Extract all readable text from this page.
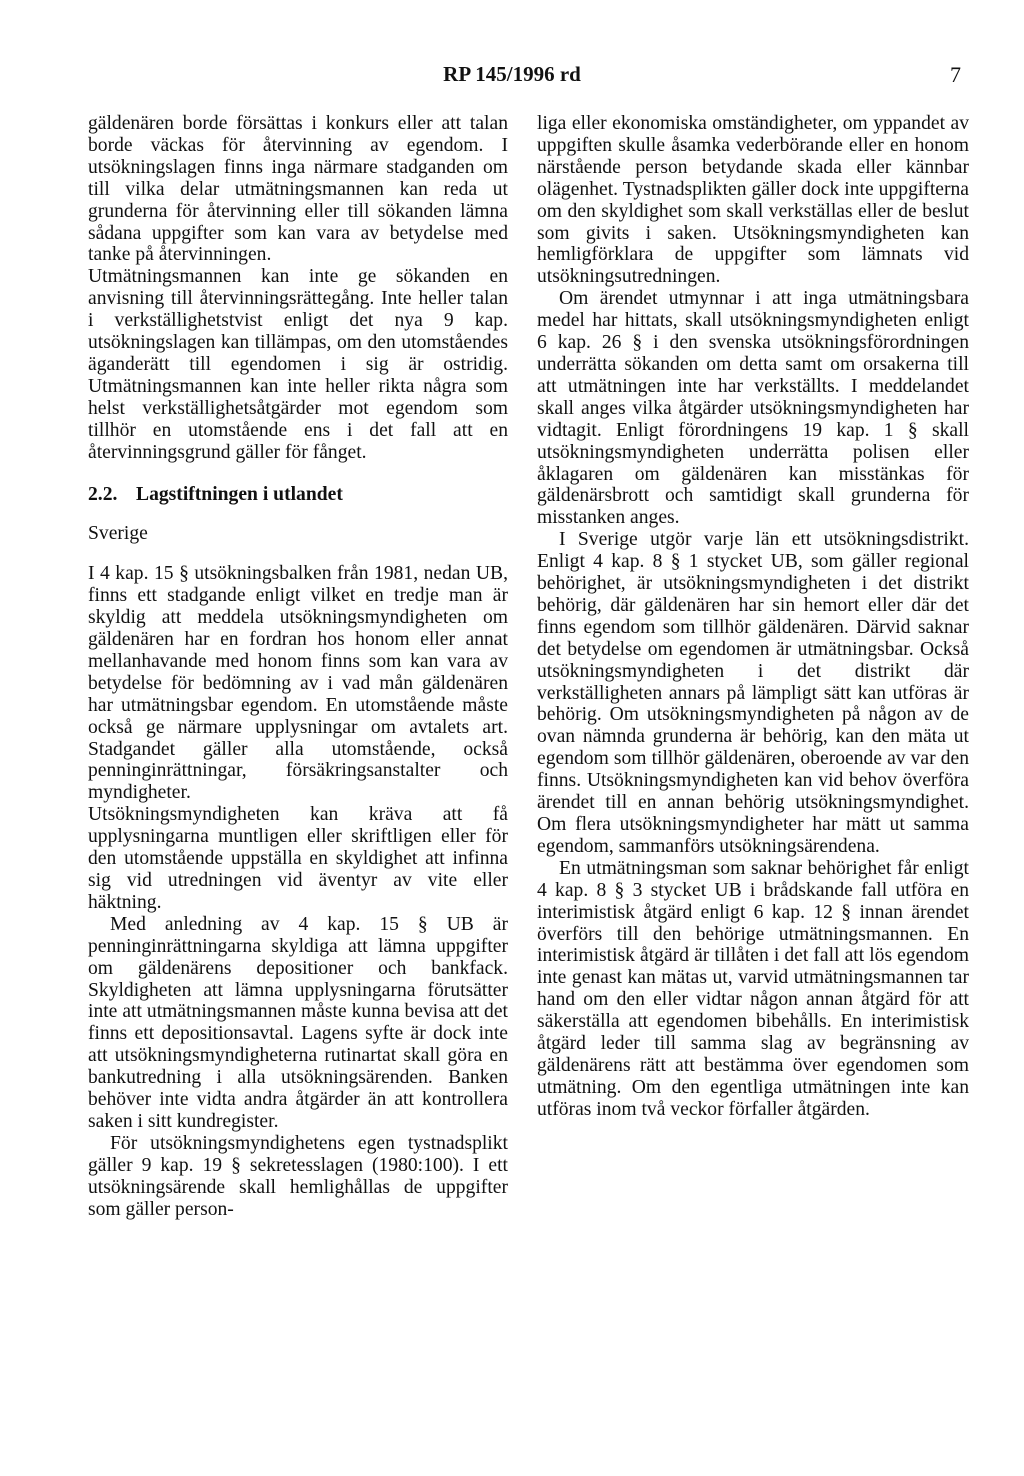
RP 145/1996 rd	7

gäldenären borde försättas i konkurs eller att talan borde väckas för återvinning av egendom. I utsökningslagen finns inga närmare stadganden om till vilka delar utmätningsmannen kan reda ut grunderna för återvinning eller till sökanden lämna sådana uppgifter som kan vara av betydelse med tanke på återvinningen.

Utmätningsmannen kan inte ge sökanden en anvisning till återvinningsrättegång. Inte heller talan i verkställighetstvist enligt det nya 9 kap. utsökningslagen kan tillämpas, om den utomståendes äganderätt till egendomen i sig är ostridig. Utmätningsmannen kan inte heller rikta några som helst verkställighetsåtgärder mot egendom som tillhör en utomstående ens i det fall att en återvinningsgrund gäller för fånget.

2.2. Lagstiftningen i utlandet

Sverige

I 4 kap. 15 § utsökningsbalken från 1981, nedan UB, finns ett stadgande enligt vilket en tredje man är skyldig att meddela utsökningsmyndigheten om gäldenären har en fordran hos honom eller annat mellanhavande med honom finns som kan vara av betydelse för bedömning av i vad mån gäldenären har utmätningsbar egendom. En utomstående måste också ge närmare upplysningar om avtalets art. Stadgandet gäller alla utomstående, också penninginrättningar, försäkringsanstalter och myndigheter.

Utsökningsmyndigheten kan kräva att få upplysningarna muntligen eller skriftligen eller för den utomstående uppställa en skyldighet att infinna sig vid utredningen vid äventyr av vite eller häktning.

Med anledning av 4 kap. 15 § UB är penninginrättningarna skyldiga att lämna uppgifter om gäldenärens depositioner och bankfack. Skyldigheten att lämna upplysningarna förutsätter inte att utmätningsmannen måste kunna bevisa att det finns ett depositionsavtal. Lagens syfte är dock inte att utsökningsmyndigheterna rutinartat skall göra en bankutredning i alla utsökningsärenden. Banken behöver inte vidta andra åtgärder än att kontrollera saken i sitt kundregister.

För utsökningsmyndighetens egen tystnadsplikt gäller 9 kap. 19 § sekretesslagen (1980:100). I ett utsökningsärende skall hemlighållas de uppgifter som gäller person-

liga eller ekonomiska omständigheter, om yppandet av uppgiften skulle åsamka vederbörande eller en honom närstående person betydande skada eller kännbar olägenhet. Tystnadsplikten gäller dock inte uppgifterna om den skyldighet som skall verkställas eller de beslut som givits i saken. Utsökningsmyndigheten kan hemligförklara de uppgifter som lämnats vid utsökningsutredningen.

Om ärendet utmynnar i att inga utmätningsbara medel har hittats, skall utsökningsmyndigheten enligt 6 kap. 26 § i den svenska utsökningsförordningen underrätta sökanden om detta samt om orsakerna till att utmätningen inte har verkställts. I meddelandet skall anges vilka åtgärder utsökningsmyndigheten har vidtagit. Enligt förordningens 19 kap. 1 § skall utsökningsmyndigheten underrätta polisen eller åklagaren om gäldenären kan misstänkas för gäldenärsbrott och samtidigt skall grunderna för misstanken anges.

I Sverige utgör varje län ett utsökningsdistrikt. Enligt 4 kap. 8 § 1 stycket UB, som gäller regional behörighet, är utsökningsmyndigheten i det distrikt behörig, där gäldenären har sin hemort eller där det finns egendom som tillhör gäldenären. Därvid saknar det betydelse om egendomen är utmätningsbar. Också utsökningsmyndigheten i det distrikt där verkställigheten annars på lämpligt sätt kan utföras är behörig. Om utsökningsmyndigheten på någon av de ovan nämnda grunderna är behörig, kan den mäta ut egendom som tillhör gäldenären, oberoende av var den finns. Utsökningsmyndigheten kan vid behov överföra ärendet till en annan behörig utsökningsmyndighet. Om flera utsökningsmyndigheter har mätt ut samma egendom, sammanförs utsökningsärendena.

En utmätningsman som saknar behörighet får enligt 4 kap. 8 § 3 stycket UB i brådskande fall utföra en interimistisk åtgärd enligt 6 kap. 12 § innan ärendet överförs till den behörige utmätningsmannen. En interimistisk åtgärd är tillåten i det fall att lös egendom inte genast kan mätas ut, varvid utmätningsmannen tar hand om den eller vidtar någon annan åtgärd för att säkerställa att egendomen bibehålls. En interimistisk åtgärd leder till samma slag av begränsning av gäldenärens rätt att bestämma över egendomen som utmätning. Om den egentliga utmätningen inte kan utföras inom två veckor förfaller åtgärden.
